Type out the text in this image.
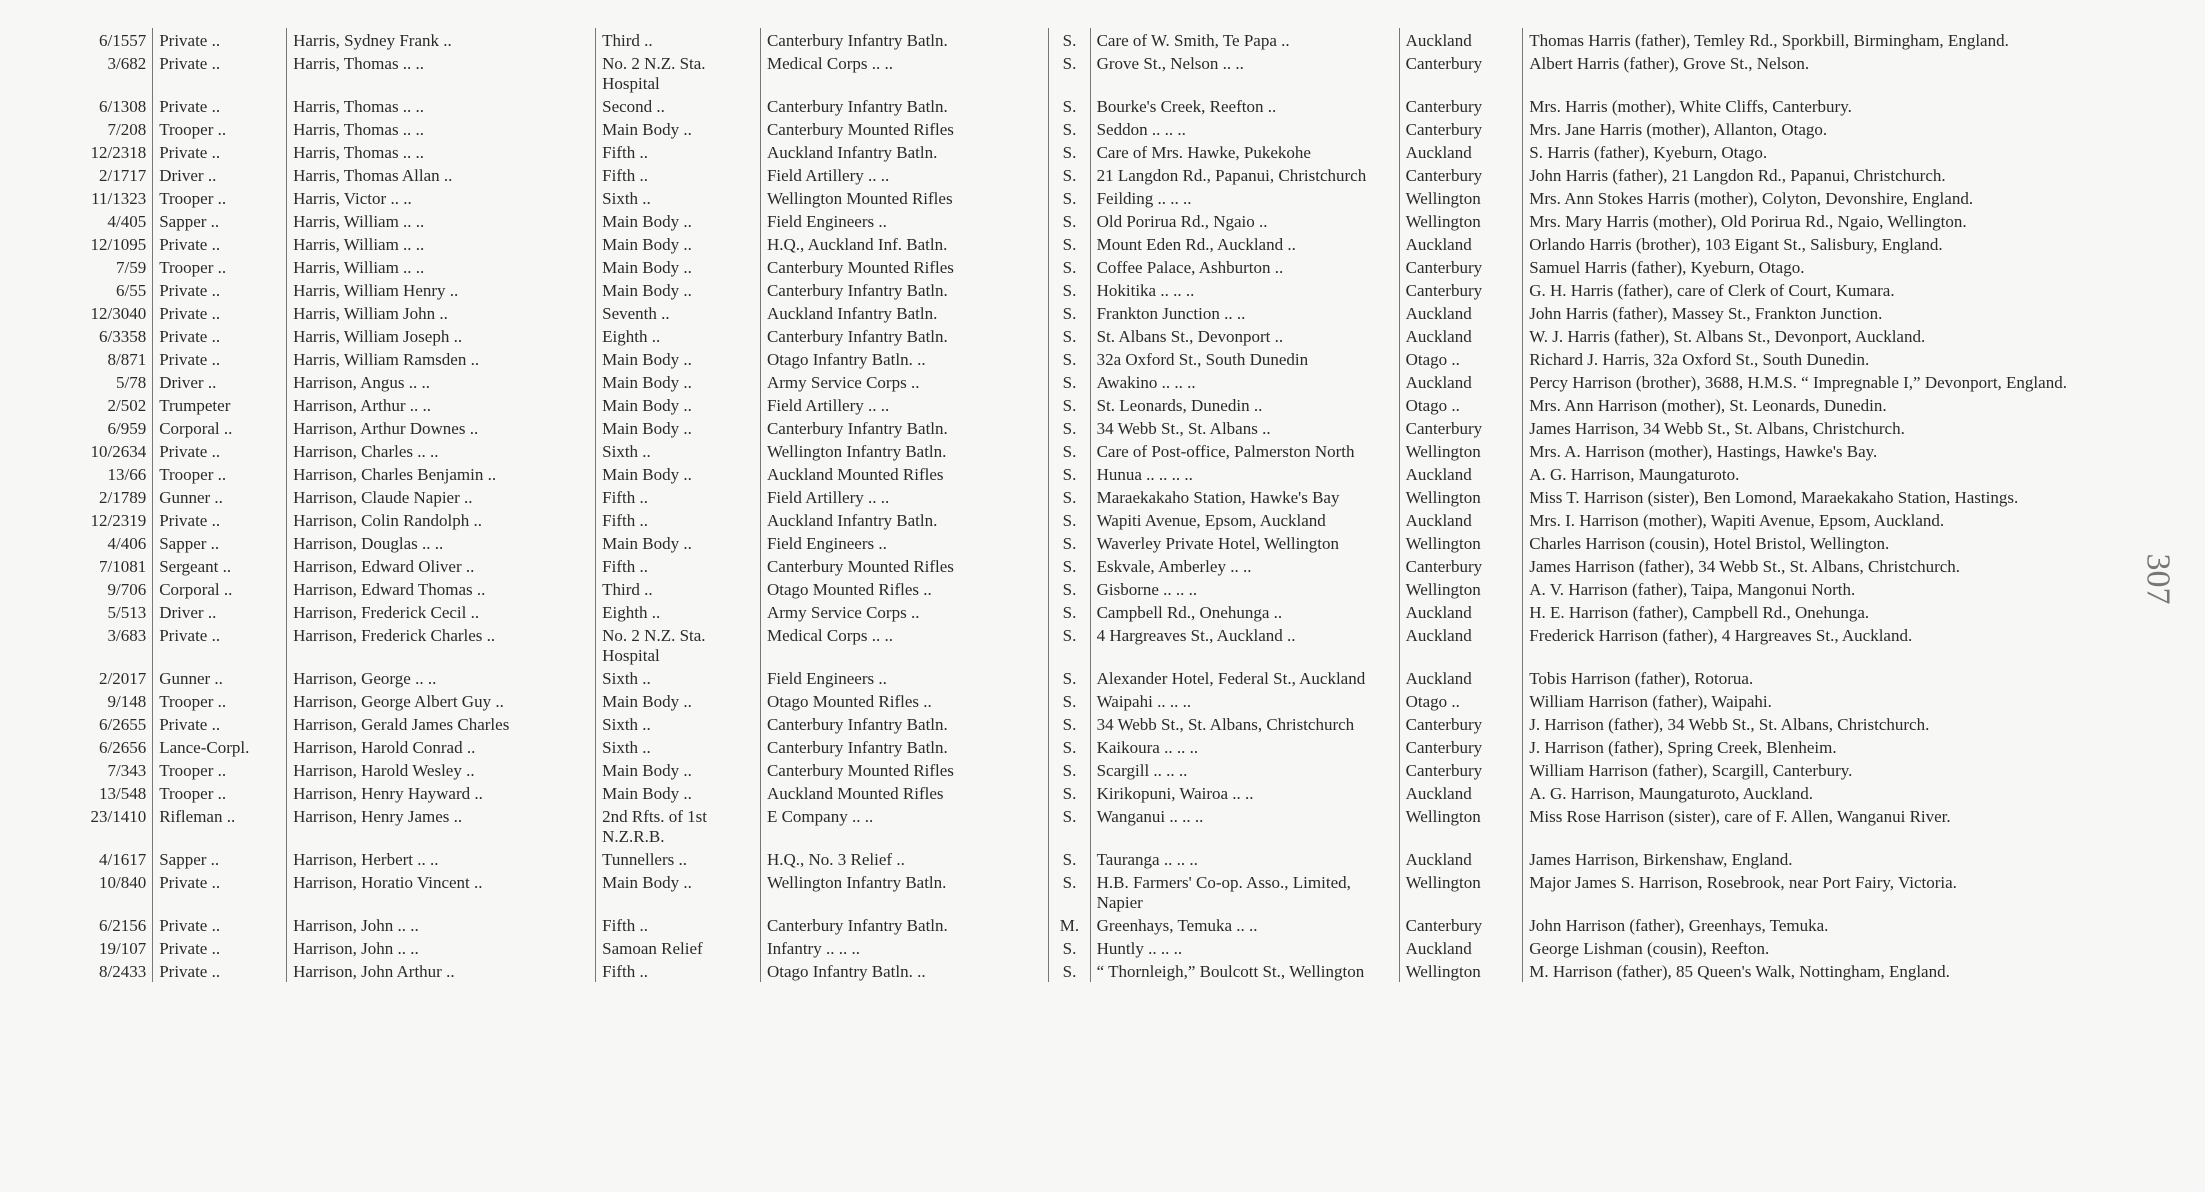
6/1557	Private ..	Harris, Sydney Frank ..	Third ..	Canterbury Infantry Batln.	S.	Care of W. Smith, Te Papa ..	Auckland	Thomas Harris (father), Temley Rd., Sporkbill, Birmingham, England.
3/682	Private ..	Harris, Thomas .. ..	No. 2 N.Z. Sta. Hospital	Medical Corps .. ..	S.	Grove St., Nelson .. ..	Canterbury	Albert Harris (father), Grove St., Nelson.
6/1308	Private ..	Harris, Thomas .. ..	Second ..	Canterbury Infantry Batln.	S.	Bourke's Creek, Reefton ..	Canterbury	Mrs. Harris (mother), White Cliffs, Canterbury.
7/208	Trooper ..	Harris, Thomas .. ..	Main Body ..	Canterbury Mounted Rifles	S.	Seddon .. .. ..	Canterbury	Mrs. Jane Harris (mother), Allanton, Otago.
12/2318	Private ..	Harris, Thomas .. ..	Fifth ..	Auckland Infantry Batln.	S.	Care of Mrs. Hawke, Pukekohe	Auckland	S. Harris (father), Kyeburn, Otago.
2/1717	Driver ..	Harris, Thomas Allan ..	Fifth ..	Field Artillery .. ..	S.	21 Langdon Rd., Papanui, Christchurch	Canterbury	John Harris (father), 21 Langdon Rd., Papanui, Christchurch.
11/1323	Trooper ..	Harris, Victor .. ..	Sixth ..	Wellington Mounted Rifles	S.	Feilding .. .. ..	Wellington	Mrs. Ann Stokes Harris (mother), Colyton, Devonshire, England.
4/405	Sapper ..	Harris, William .. ..	Main Body ..	Field Engineers ..	S.	Old Porirua Rd., Ngaio ..	Wellington	Mrs. Mary Harris (mother), Old Porirua Rd., Ngaio, Wellington.
12/1095	Private ..	Harris, William .. ..	Main Body ..	H.Q., Auckland Inf. Batln.	S.	Mount Eden Rd., Auckland ..	Auckland	Orlando Harris (brother), 103 Eigant St., Salisbury, England.
7/59	Trooper ..	Harris, William .. ..	Main Body ..	Canterbury Mounted Rifles	S.	Coffee Palace, Ashburton ..	Canterbury	Samuel Harris (father), Kyeburn, Otago.
6/55	Private ..	Harris, William Henry ..	Main Body ..	Canterbury Infantry Batln.	S.	Hokitika .. .. ..	Canterbury	G. H. Harris (father), care of Clerk of Court, Kumara.
12/3040	Private ..	Harris, William John ..	Seventh ..	Auckland Infantry Batln.	S.	Frankton Junction .. ..	Auckland	John Harris (father), Massey St., Frankton Junction.
6/3358	Private ..	Harris, William Joseph ..	Eighth ..	Canterbury Infantry Batln.	S.	St. Albans St., Devonport ..	Auckland	W. J. Harris (father), St. Albans St., Devonport, Auckland.
8/871	Private ..	Harris, William Ramsden ..	Main Body ..	Otago Infantry Batln. ..	S.	32a Oxford St., South Dunedin	Otago ..	Richard J. Harris, 32a Oxford St., South Dunedin.
5/78	Driver ..	Harrison, Angus .. ..	Main Body ..	Army Service Corps ..	S.	Awakino .. .. ..	Auckland	Percy Harrison (brother), 3688, H.M.S. “ Impregnable I,” Devonport, England.
2/502	Trumpeter	Harrison, Arthur .. ..	Main Body ..	Field Artillery .. ..	S.	St. Leonards, Dunedin ..	Otago ..	Mrs. Ann Harrison (mother), St. Leonards, Dunedin.
6/959	Corporal ..	Harrison, Arthur Downes ..	Main Body ..	Canterbury Infantry Batln.	S.	34 Webb St., St. Albans ..	Canterbury	James Harrison, 34 Webb St., St. Albans, Christchurch.
10/2634	Private ..	Harrison, Charles .. ..	Sixth ..	Wellington Infantry Batln.	S.	Care of Post-office, Palmerston North	Wellington	Mrs. A. Harrison (mother), Hastings, Hawke's Bay.
13/66	Trooper ..	Harrison, Charles Benjamin ..	Main Body ..	Auckland Mounted Rifles	S.	Hunua .. .. .. ..	Auckland	A. G. Harrison, Maungaturoto.
2/1789	Gunner ..	Harrison, Claude Napier ..	Fifth ..	Field Artillery .. ..	S.	Maraekakaho Station, Hawke's Bay	Wellington	Miss T. Harrison (sister), Ben Lomond, Maraekakaho Station, Hastings.
12/2319	Private ..	Harrison, Colin Randolph ..	Fifth ..	Auckland Infantry Batln.	S.	Wapiti Avenue, Epsom, Auckland	Auckland	Mrs. I. Harrison (mother), Wapiti Avenue, Epsom, Auckland.
4/406	Sapper ..	Harrison, Douglas .. ..	Main Body ..	Field Engineers ..	S.	Waverley Private Hotel, Wellington	Wellington	Charles Harrison (cousin), Hotel Bristol, Wellington.
7/1081	Sergeant ..	Harrison, Edward Oliver ..	Fifth ..	Canterbury Mounted Rifles	S.	Eskvale, Amberley .. ..	Canterbury	James Harrison (father), 34 Webb St., St. Albans, Christchurch.
9/706	Corporal ..	Harrison, Edward Thomas ..	Third ..	Otago Mounted Rifles ..	S.	Gisborne .. .. ..	Wellington	A. V. Harrison (father), Taipa, Mangonui North.
5/513	Driver ..	Harrison, Frederick Cecil ..	Eighth ..	Army Service Corps ..	S.	Campbell Rd., Onehunga ..	Auckland	H. E. Harrison (father), Campbell Rd., Onehunga.
3/683	Private ..	Harrison, Frederick Charles ..	No. 2 N.Z. Sta. Hospital	Medical Corps .. ..	S.	4 Hargreaves St., Auckland ..	Auckland	Frederick Harrison (father), 4 Hargreaves St., Auckland.
2/2017	Gunner ..	Harrison, George .. ..	Sixth ..	Field Engineers ..	S.	Alexander Hotel, Federal St., Auckland	Auckland	Tobis Harrison (father), Rotorua.
9/148	Trooper ..	Harrison, George Albert Guy ..	Main Body ..	Otago Mounted Rifles ..	S.	Waipahi .. .. ..	Otago ..	William Harrison (father), Waipahi.
6/2655	Private ..	Harrison, Gerald James Charles	Sixth ..	Canterbury Infantry Batln.	S.	34 Webb St., St. Albans, Christchurch	Canterbury	J. Harrison (father), 34 Webb St., St. Albans, Christchurch.
6/2656	Lance-Corpl.	Harrison, Harold Conrad ..	Sixth ..	Canterbury Infantry Batln.	S.	Kaikoura .. .. ..	Canterbury	J. Harrison (father), Spring Creek, Blenheim.
7/343	Trooper ..	Harrison, Harold Wesley ..	Main Body ..	Canterbury Mounted Rifles	S.	Scargill .. .. ..	Canterbury	William Harrison (father), Scargill, Canterbury.
13/548	Trooper ..	Harrison, Henry Hayward ..	Main Body ..	Auckland Mounted Rifles	S.	Kirikopuni, Wairoa .. ..	Auckland	A. G. Harrison, Maungaturoto, Auckland.
23/1410	Rifleman ..	Harrison, Henry James ..	2nd Rfts. of 1st N.Z.R.B.	E Company .. ..	S.	Wanganui .. .. ..	Wellington	Miss Rose Harrison (sister), care of F. Allen, Wanganui River.
4/1617	Sapper ..	Harrison, Herbert .. ..	Tunnellers ..	H.Q., No. 3 Relief ..	S.	Tauranga .. .. ..	Auckland	James Harrison, Birkenshaw, England.
10/840	Private ..	Harrison, Horatio Vincent ..	Main Body ..	Wellington Infantry Batln.	S.	H.B. Farmers' Co-op. Asso., Limited, Napier	Wellington	Major James S. Harrison, Rosebrook, near Port Fairy, Victoria.
6/2156	Private ..	Harrison, John .. ..	Fifth ..	Canterbury Infantry Batln.	M.	Greenhays, Temuka .. ..	Canterbury	John Harrison (father), Greenhays, Temuka.
19/107	Private ..	Harrison, John .. ..	Samoan Relief	Infantry .. .. ..	S.	Huntly .. .. ..	Auckland	George Lishman (cousin), Reefton.
8/2433	Private ..	Harrison, John Arthur ..	Fifth ..	Otago Infantry Batln. ..	S.	“ Thornleigh,” Boulcott St., Wellington	Wellington	M. Harrison (father), 85 Queen's Walk, Nottingham, England.
307
